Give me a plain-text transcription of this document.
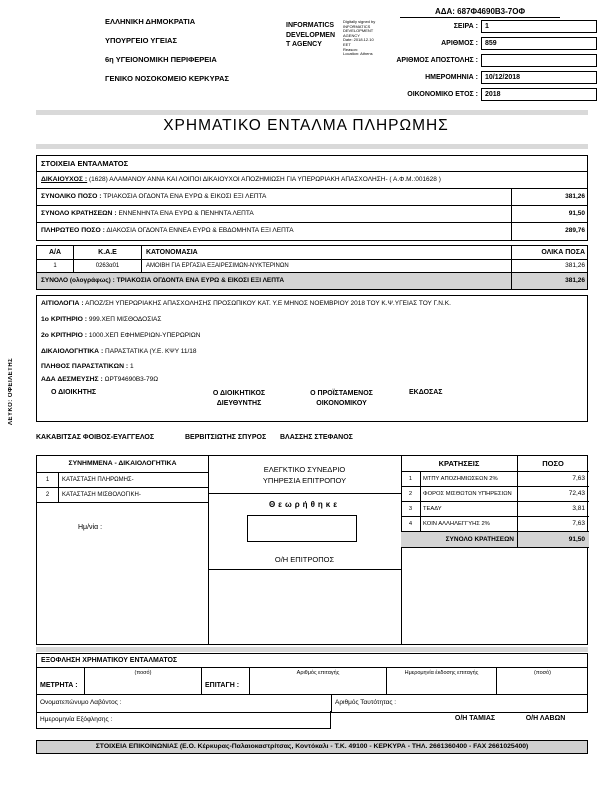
ΕΛΛΗΝΙΚΗ ΔΗΜΟΚΡΑΤΙΑ
ΥΠΟΥΡΓΕΙΟ ΥΓΕΙΑΣ
6η ΥΓΕΙΟΝΟΜΙΚΗ ΠΕΡΙΦΕΡΕΙΑ
ΓΕΝΙΚΟ ΝΟΣΟΚΟΜΕΙΟ ΚΕΡΚΥΡΑΣ
INFORMATICS
DEVELOPMEN
T AGENCY
Digitally signed by
INFORMATICS
DEVELOPMENT AGENCY
Date: 2018.12.10
EET
Reason:
Location: Athens
ΑΔΑ: 687Φ4690Β3-7ΟΦ
ΣΕΙΡΑ :	1
ΑΡΙΘΜΟΣ :	859
ΑΡΙΘΜΟΣ ΑΠΟΣΤΟΛΗΣ :
ΗΜΕΡΟΜΗΝΙΑ :	10/12/2018
ΟΙΚΟΝΟΜΙΚΟ ΕΤΟΣ :	2018
ΧΡΗΜΑΤΙΚΟ ΕΝΤΑΛΜΑ ΠΛΗΡΩΜΗΣ
ΣΤΟΙΧΕΙΑ ΕΝΤΑΛΜΑΤΟΣ
ΔΙΚΑΙΟΥΧΟΣ : (1628) ΑΛΑΜΑΝΟΥ ΑΝΝΑ ΚΑΙ ΛΟΙΠΟΙ ΔΙΚΑΙΟΥΧΟΙ ΑΠΟΖΗΜΙΩΣΗ ΓΙΑ ΥΠΕΡΩΡΙΑΚΗ ΑΠΑΣΧΟΛΗΣΗ- ( Α.Φ.Μ.:001628 )
ΣΥΝΟΛΙΚΟ ΠΟΣΟ : ΤΡΙΑΚΟΣΙΑ ΟΓΔΟΝΤΑ ΕΝΑ ΕΥΡΩ & ΕΙΚΟΣΙ ΕΞΙ ΛΕΠΤΑ	381,26
ΣΥΝΟΛΟ ΚΡΑΤΗΣΕΩΝ : ΕΝΝΕΝΗΝΤΑ ΕΝΑ ΕΥΡΩ & ΠΕΝΗΝΤΑ ΛΕΠΤΑ	91,50
ΠΛΗΡΩΤΕΟ ΠΟΣΟ : ΔΙΑΚΟΣΙΑ ΟΓΔΟΝΤΑ ΕΝΝΕΑ ΕΥΡΩ & ΕΒΔΟΜΗΝΤΑ ΕΞΙ ΛΕΠΤΑ	289,76
Α/Α	Κ.Α.Ε	ΚΑΤΟΝΟΜΑΣΙΑ	ΟΛΙΚΑ ΠΟΣΑ
1	0263α01	ΑΜΟΙΒΗ ΓΙΑ ΕΡΓΑΣΙΑ ΕΞΑΙΡΕΣΙΜΩΝ-ΝΥΚΤΕΡΙΝΩΝ	381,26
ΣΥΝΟΛΟ (ολογράφως) : ΤΡΙΑΚΟΣΙΑ ΟΓΔΟΝΤΑ ΕΝΑ ΕΥΡΩ & ΕΙΚΟΣΙ ΕΞΙ ΛΕΠΤΑ	381,26
ΑΙΤΙΟΛΟΓΙΑ : ΑΠΟΖ/ΣΗ ΥΠΕΡΩΡΙΑΚΗΣ ΑΠΑΣΧΟΛΗΣΗΣ ΠΡΟΣΩΠΙΚΟΥ ΚΑΤ. Υ.Ε ΜΗΝΟΣ ΝΟΕΜΒΡΙΟΥ 2018 ΤΟΥ Κ.Ψ.ΥΓΕΙΑΣ ΤΟΥ Γ.Ν.Κ.
1ο ΚΡΙΤΗΡΙΟ : 999.ΧΕΠ ΜΙΣΘΟΔΟΣΙΑΣ
2ο ΚΡΙΤΗΡΙΟ : 1000.ΧΕΠ ΕΦΗΜΕΡΙΩΝ-ΥΠΕΡΩΡΙΩΝ
ΔΙΚΑΙΟΛΟΓΗΤΙΚΑ : ΠΑΡΑΣΤΑΤΙΚΑ (Υ.Ε. ΚΨΥ 11/18
ΠΛΗΘΟΣ ΠΑΡΑΣΤΑΤΙΚΩΝ : 1
ΑΔΑ ΔΕΣΜΕΥΣΗΣ : ΩΡΤ94690Β3-79Ω
Ο ΔΙΟΙΚΗΤΗΣ	Ο ΔΙΟΙΚΗΤΙΚΟΣ
ΔΙΕΥΘΥΝΤΗΣ
Ο ΠΡΟΪΣΤΑΜΕΝΟΣ
ΟΙΚΟΝΟΜΙΚΟΥ
ΕΚΔΟΣΑΣ
ΛΕΥΚΟ: ΟΦΕΙΛΕΤΗΣ
ΚΑΚΑΒΙΤΣΑΣ ΦΟΙΒΟΣ-ΕΥΑΓΓΕΛΟΣ	ΒΕΡΒΙΤΣΙΩΤΗΣ ΣΠΥΡΟΣ ΒΛΑΣΣΗΣ ΣΤΕΦΑΝΟΣ
ΣΥΝΗΜΜΕΝΑ - ΔΙΚΑΙΟΛΟΓΗΤΙΚΑ
1	ΚΑΤΑΣΤΑΣΗ ΠΛΗΡΩΜΗΣ-
2	ΚΑΤΑΣΤΑΣΗ ΜΙΣΘΟΛΟΓΙΚΗ-
ΕΛΕΓΚΤΙΚΟ ΣΥΝΕΔΡΙΟ
ΥΠΗΡΕΣΙΑ ΕΠΙΤΡΟΠΟΥ
Θεωρήθηκε
Ημ/νία :
Ο/Η ΕΠΙΤΡΟΠΟΣ
ΚΡΑΤΗΣΕΙΣ	ΠΟΣΟ
1	ΜΤΠΥ ΑΠΟΖΗΜΙΩΣΕΩΝ 2%	7,63
2	ΦΟΡΟΣ ΜΙΣΘΩΤΩΝ ΥΠΗΡΕΣΙΩΝ	72,43
3	ΤΕΑΔΥ	3,81
4	ΚΟΙΝ ΑΛΛΗΛΕΓΓΥΗΣ 2%	7,63
ΣΥΝΟΛΟ ΚΡΑΤΗΣΕΩΝ	91,50
ΕΞΟΦΛΗΣΗ ΧΡΗΜΑΤΙΚΟΥ ΕΝΤΑΛΜΑΤΟΣ
ΜΕΤΡΗΤΑ :
(ποσό)
ΕΠΙΤΑΓΗ :
Αριθμός επιταγής	Ημερομηνία έκδοσης επιταγής	(ποσό)
Ονοματεπώνυμο Λαβόντος :	Αριθμός Ταυτότητας :
Ημερομηνία Εξόφλησης :	Ο/Η ΤΑΜΙΑΣ	Ο/Η ΛΑΒΩΝ
ΣΤΟΙΧΕΙΑ ΕΠΙΚΟΙΝΩΝΙΑΣ (Ε.Ο. Κέρκυρας-Παλαιοκαστρίτσας, Κοντόκαλι - Τ.Κ. 49100 - ΚΕΡΚΥΡΑ - ΤΗΛ. 2661360400 - FAX 2661025400)
